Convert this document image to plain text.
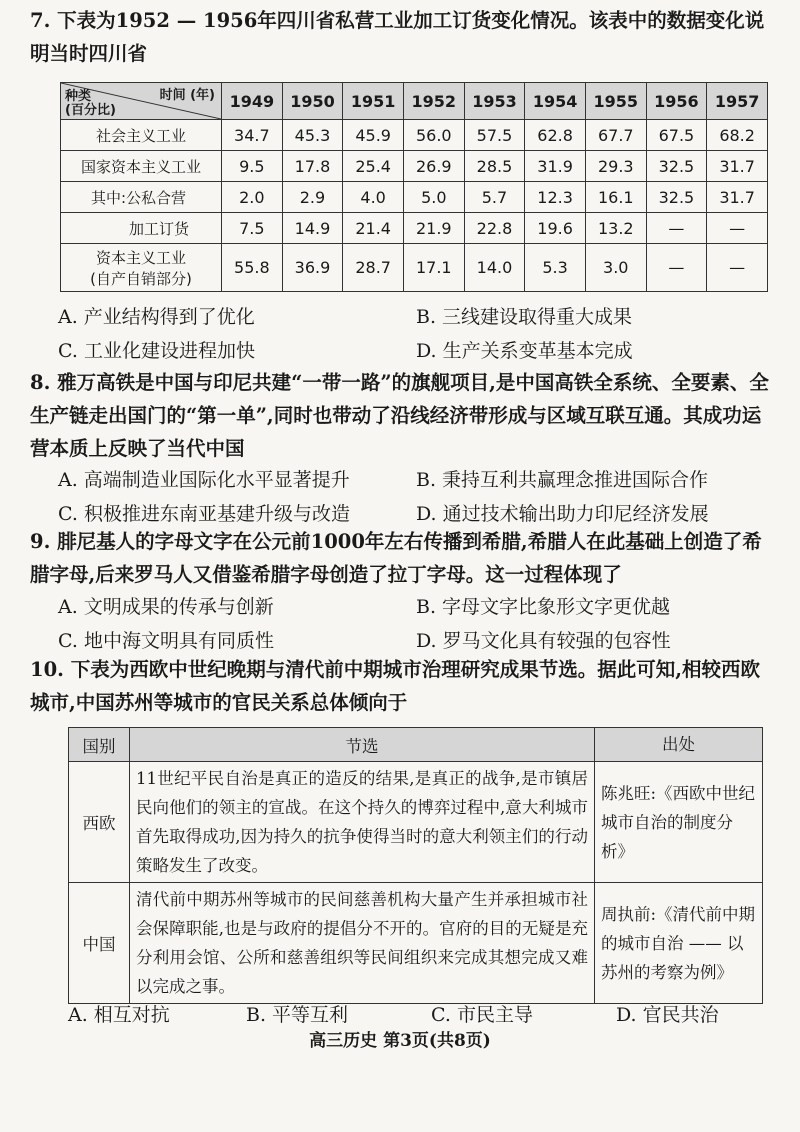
7. 下表为1952 — 1956年四川省私营工业加工订货变化情况。该表中的数据变化说明当时四川省
时间 (年)
种类
(百分比)	1949	1950	1951	1952	1953	1954	1955	1956	1957
社会主义工业	34.7	45.3	45.9	56.0	57.5	62.8	67.7	67.5	68.2
国家资本主义工业	9.5	17.8	25.4	26.9	28.5	31.9	29.3	32.5	31.7
其中:公私合营	2.0	2.9	4.0	5.0	5.7	12.3	16.1	32.5	31.7
加工订货	7.5	14.9	21.4	21.9	22.8	19.6	13.2	—	—
资本主义工业
(自产自销部分)	55.8	36.9	28.7	17.1	14.0	5.3	3.0	—	—
A. 产业结构得到了优化	B. 三线建设取得重大成果
C. 工业化建设进程加快	D. 生产关系变革基本完成
8. 雅万高铁是中国与印尼共建“一带一路”的旗舰项目,是中国高铁全系统、全要素、全生产链走出国门的“第一单”,同时也带动了沿线经济带形成与区域互联互通。其成功运营本质上反映了当代中国
A. 高端制造业国际化水平显著提升	B. 秉持互利共赢理念推进国际合作
C. 积极推进东南亚基建升级与改造	D. 通过技术输出助力印尼经济发展
9. 腓尼基人的字母文字在公元前1000年左右传播到希腊,希腊人在此基础上创造了希腊字母,后来罗马人又借鉴希腊字母创造了拉丁字母。这一过程体现了
A. 文明成果的传承与创新	B. 字母文字比象形文字更优越
C. 地中海文明具有同质性	D. 罗马文化具有较强的包容性
10. 下表为西欧中世纪晚期与清代前中期城市治理研究成果节选。据此可知,相较西欧城市,中国苏州等城市的官民关系总体倾向于
国别	节选	出处
西欧	11世纪平民自治是真正的造反的结果,是真正的战争,是市镇居民向他们的领主的宣战。在这个持久的博弈过程中,意大利城市首先取得成功,因为持久的抗争使得当时的意大利领主们的行动策略发生了改变。	陈兆旺:《西欧中世纪城市自治的制度分析》
中国	清代前中期苏州等城市的民间慈善机构大量产生并承担城市社会保障职能,也是与政府的提倡分不开的。官府的目的无疑是充分利用会馆、公所和慈善组织等民间组织来完成其想完成又难以完成之事。	周执前:《清代前中期的城市自治 —— 以苏州的考察为例》
A. 相互对抗	B. 平等互利	C. 市民主导	D. 官民共治
高三历史 第3页(共8页)
